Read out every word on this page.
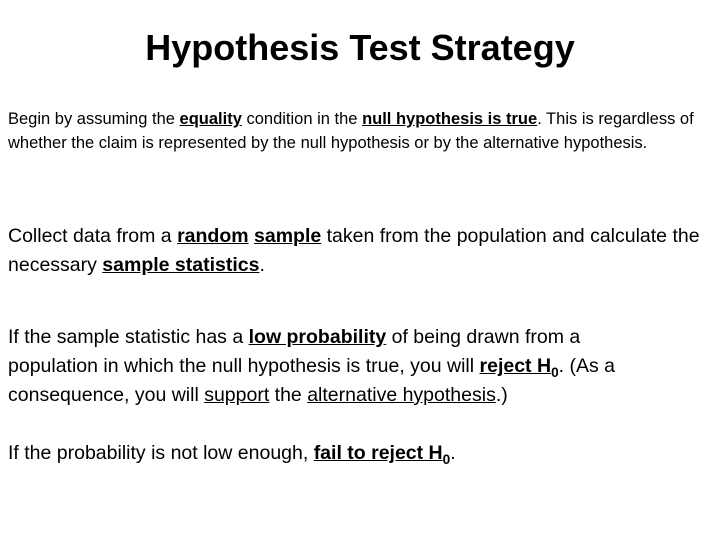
Hypothesis Test Strategy

Begin by assuming the equality condition in the null hypothesis is true. This is regardless of whether the claim is represented by the null hypothesis or by the alternative hypothesis.

Collect data from a random sample taken from the population and calculate the necessary sample statistics.

If the sample statistic has a low probability of being drawn from a population in which the null hypothesis is true, you will reject $H_0$. (As a consequence, you will support the alternative hypothesis.)

If the probability is not low enough, fail to reject $H_0$.
